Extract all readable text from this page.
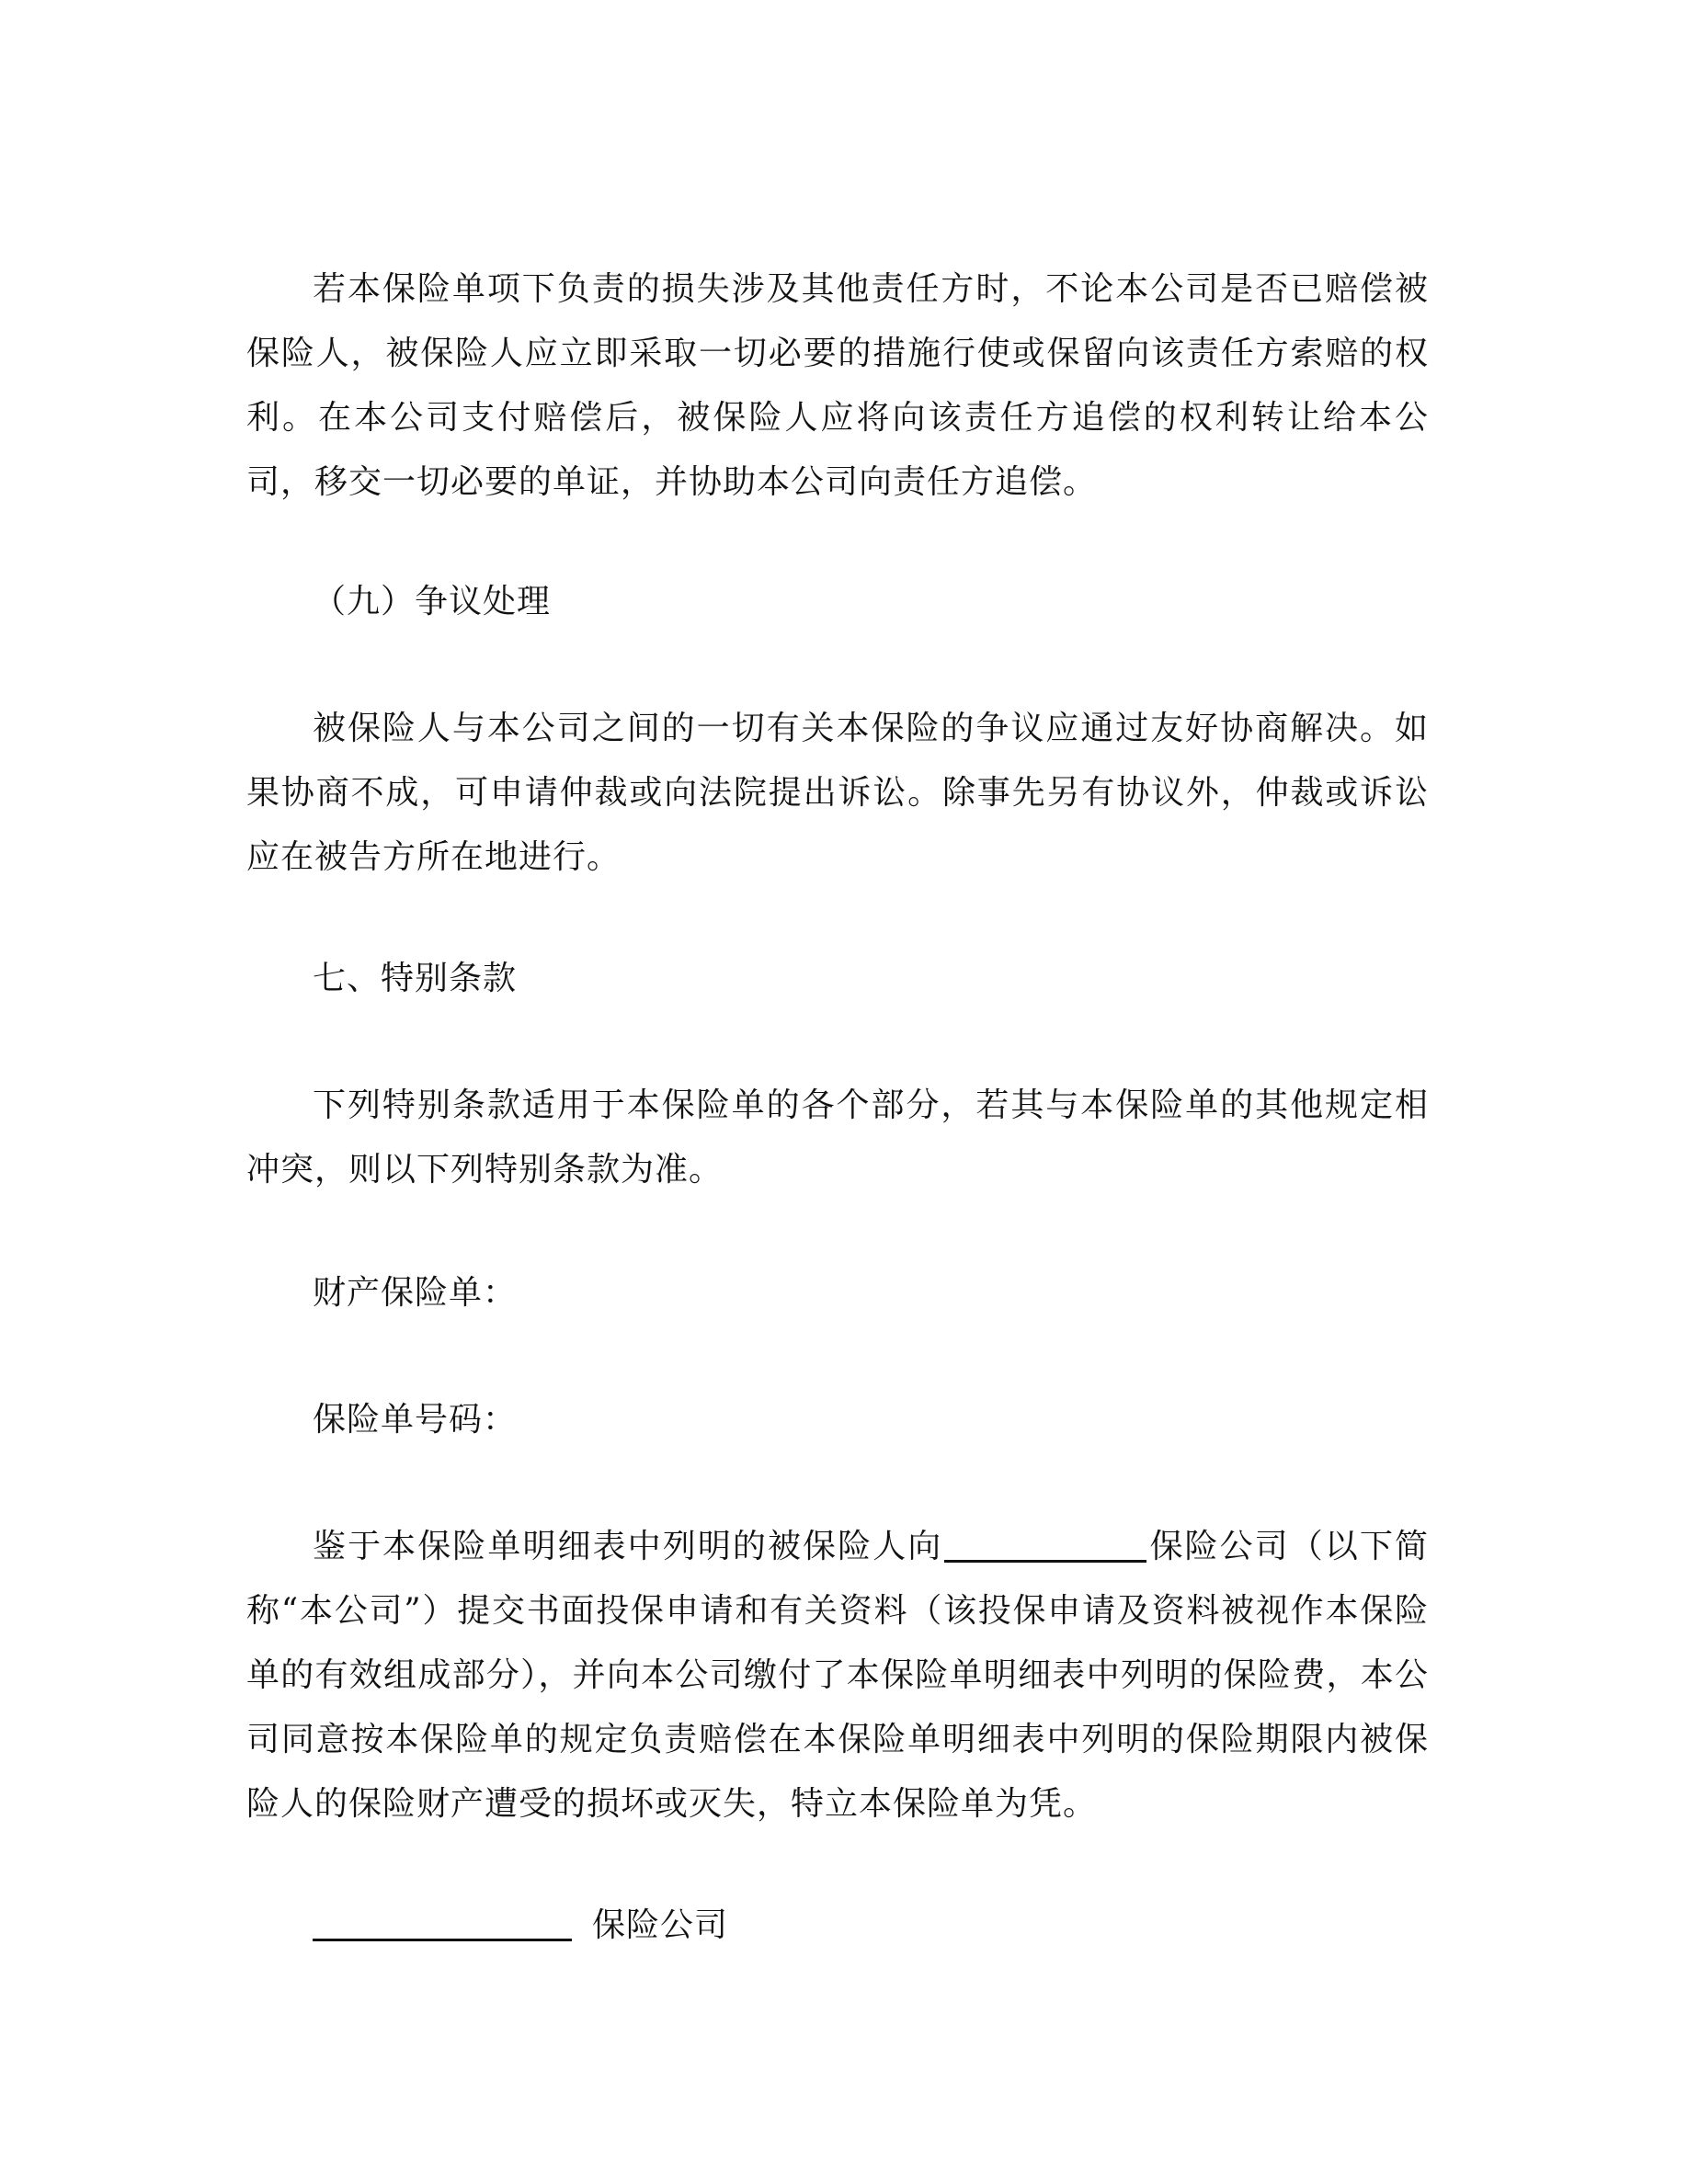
若本保险单项下负责的损失涉及其他责任方时，不论本公司是否已赔偿被保险人，被保险人应立即采取一切必要的措施行使或保留向该责任方索赔的权利。在本公司支付赔偿后，被保险人应将向该责任方追偿的权利转让给本公司，移交一切必要的单证，并协助本公司向责任方追偿。

（九）争议处理

被保险人与本公司之间的一切有关本保险的争议应通过友好协商解决。如果协商不成，可申请仲裁或向法院提出诉讼。除事先另有协议外，仲裁或诉讼应在被告方所在地进行。

七、特别条款

下列特别条款适用于本保险单的各个部分，若其与本保险单的其他规定相冲突，则以下列特别条款为准。

财产保险单：

保险单号码：

鉴于本保险单明细表中列明的被保险人向	保险公司（以下简称“本公司”）提交书面投保申请和有关资料（该投保申请及资料被视作本保险单的有效组成部分），并向本公司缴付了本保险单明细表中列明的保险费，本公司同意按本保险单的规定负责赔偿在本保险单明细表中列明的保险期限内被保险人的保险财产遭受的损坏或灭失，特立本保险单为凭。

保险公司
